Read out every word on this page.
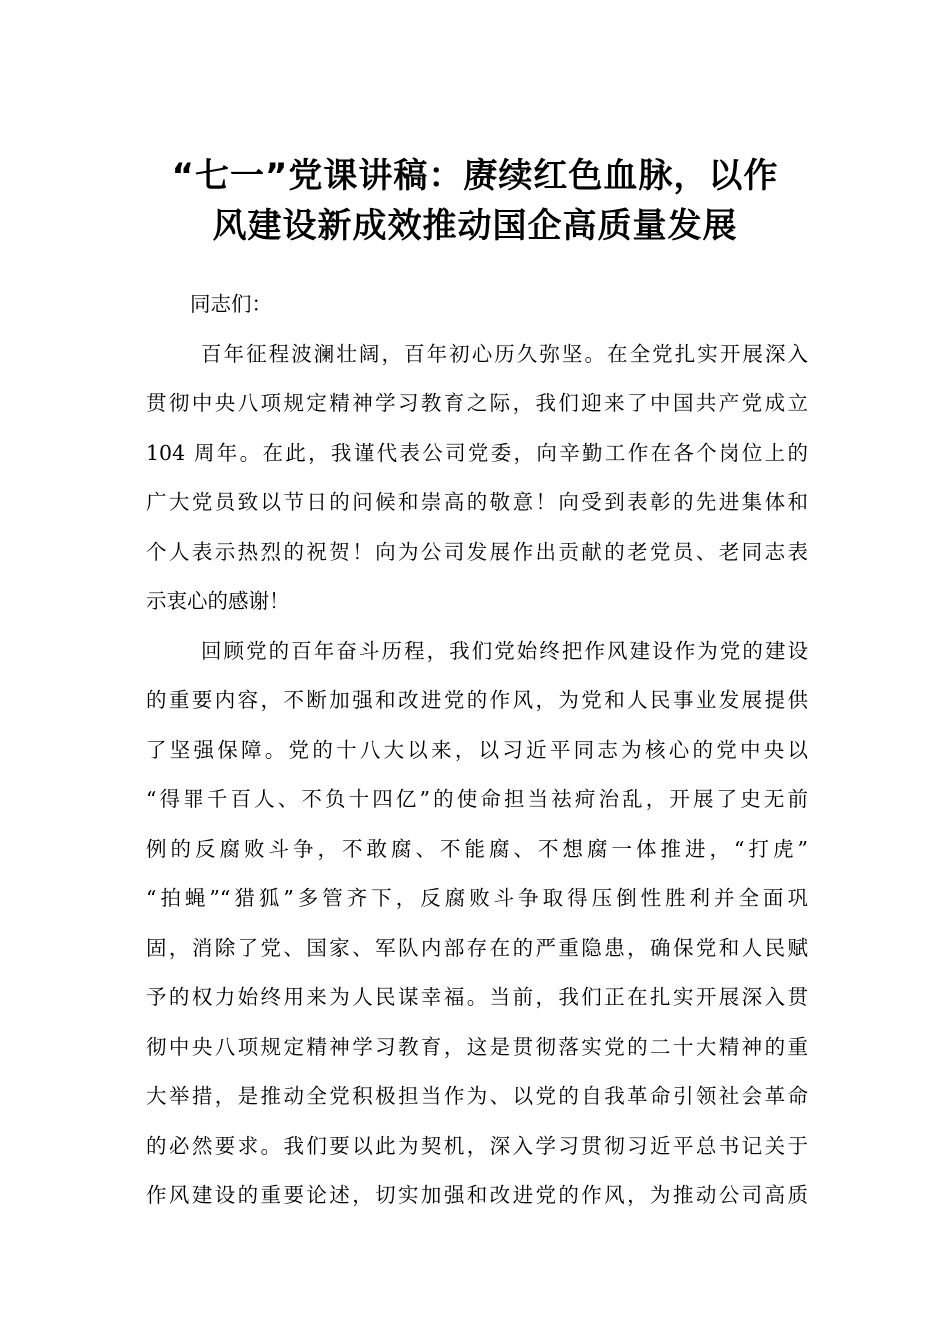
“七一”党课讲稿：赓续红色血脉，以作
风建设新成效推动国企高质量发展

同志们：

百年征程波澜壮阔，百年初心历久弥坚。在全党扎实开展深入
贯彻中央八项规定精神学习教育之际，我们迎来了中国共产党成立
104 周年。在此，我谨代表公司党委，向辛勤工作在各个岗位上的
广大党员致以节日的问候和崇高的敬意！向受到表彰的先进集体和
个人表示热烈的祝贺！向为公司发展作出贡献的老党员、老同志表
示衷心的感谢！

回顾党的百年奋斗历程，我们党始终把作风建设作为党的建设
的重要内容，不断加强和改进党的作风，为党和人民事业发展提供
了坚强保障。党的十八大以来，以习近平同志为核心的党中央以
“得罪千百人、不负十四亿”的使命担当祛疴治乱，开展了史无前
例的反腐败斗争，不敢腐、不能腐、不想腐一体推进，“打虎”
“拍蝇”“猎狐”多管齐下，反腐败斗争取得压倒性胜利并全面巩
固，消除了党、国家、军队内部存在的严重隐患，确保党和人民赋
予的权力始终用来为人民谋幸福。当前，我们正在扎实开展深入贯
彻中央八项规定精神学习教育，这是贯彻落实党的二十大精神的重
大举措，是推动全党积极担当作为、以党的自我革命引领社会革命
的必然要求。我们要以此为契机，深入学习贯彻习近平总书记关于
作风建设的重要论述，切实加强和改进党的作风，为推动公司高质
